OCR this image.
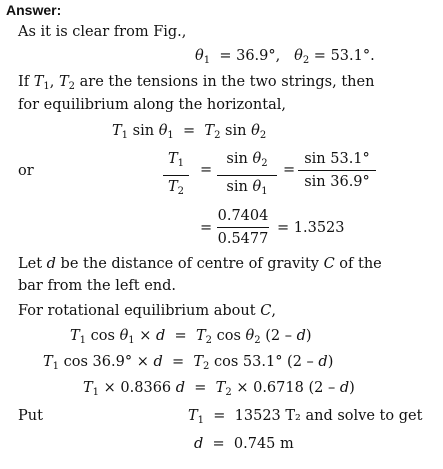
Answer:
As it is clear from Fig.,
$\theta_1 = 36.9^\circ$, $\theta_2 = 53.1^\circ$.
If $T_1$, $T_2$ are the tensions in the two strings, then
for equilibrium along the horizontal,
$T_1$ $\sin \theta_1 = T_2$ $\sin \theta_2$
or
$T_1$
$T_2$
=
$\sin \theta_2$
$\sin \theta_1$
=
sin 53.1°
sin 36.9°
=
0.7404
0.5477
= 1.3523
Let d be the distance of centre of gravity C of the
bar from the left end.
For rotational equilibrium about C,
$T_1$ $\cos \theta_1 \times d = T_2$ $\cos \theta_2$ (2 – d)
$T_1$ $\cos 36.9^\circ \times d = T_2$ cos 53.1° (2 – d)
$T_1 \times 0.8366$ $d = T_2 \times 0.6718$ (2 – d)
Put	$T_1 = 13523$ T₂ and solve to get
d  =  0.745 m
